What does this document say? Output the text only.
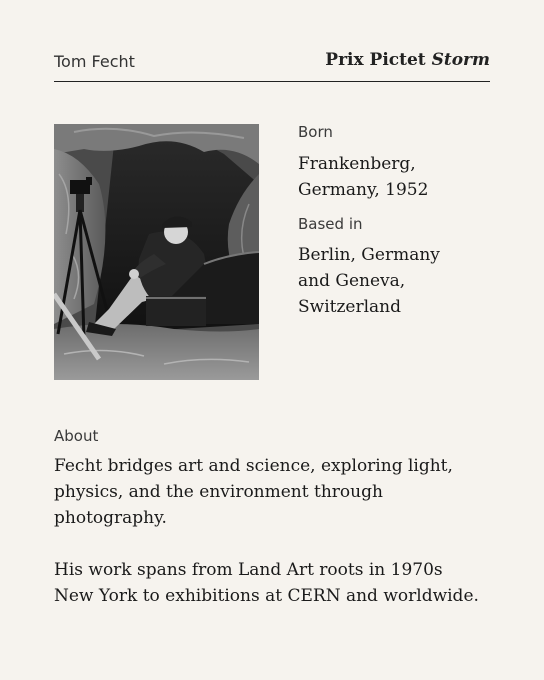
Tom Fecht	Prix Pictet Storm

Born

Frankenberg,
Germany, 1952

Based in

Berlin, Germany
and Geneva,
Switzerland

About

Fecht bridges art and science, exploring light,
physics, and the environment through
photography.

His work spans from Land Art roots in 1970s
New York to exhibitions at CERN and worldwide.
